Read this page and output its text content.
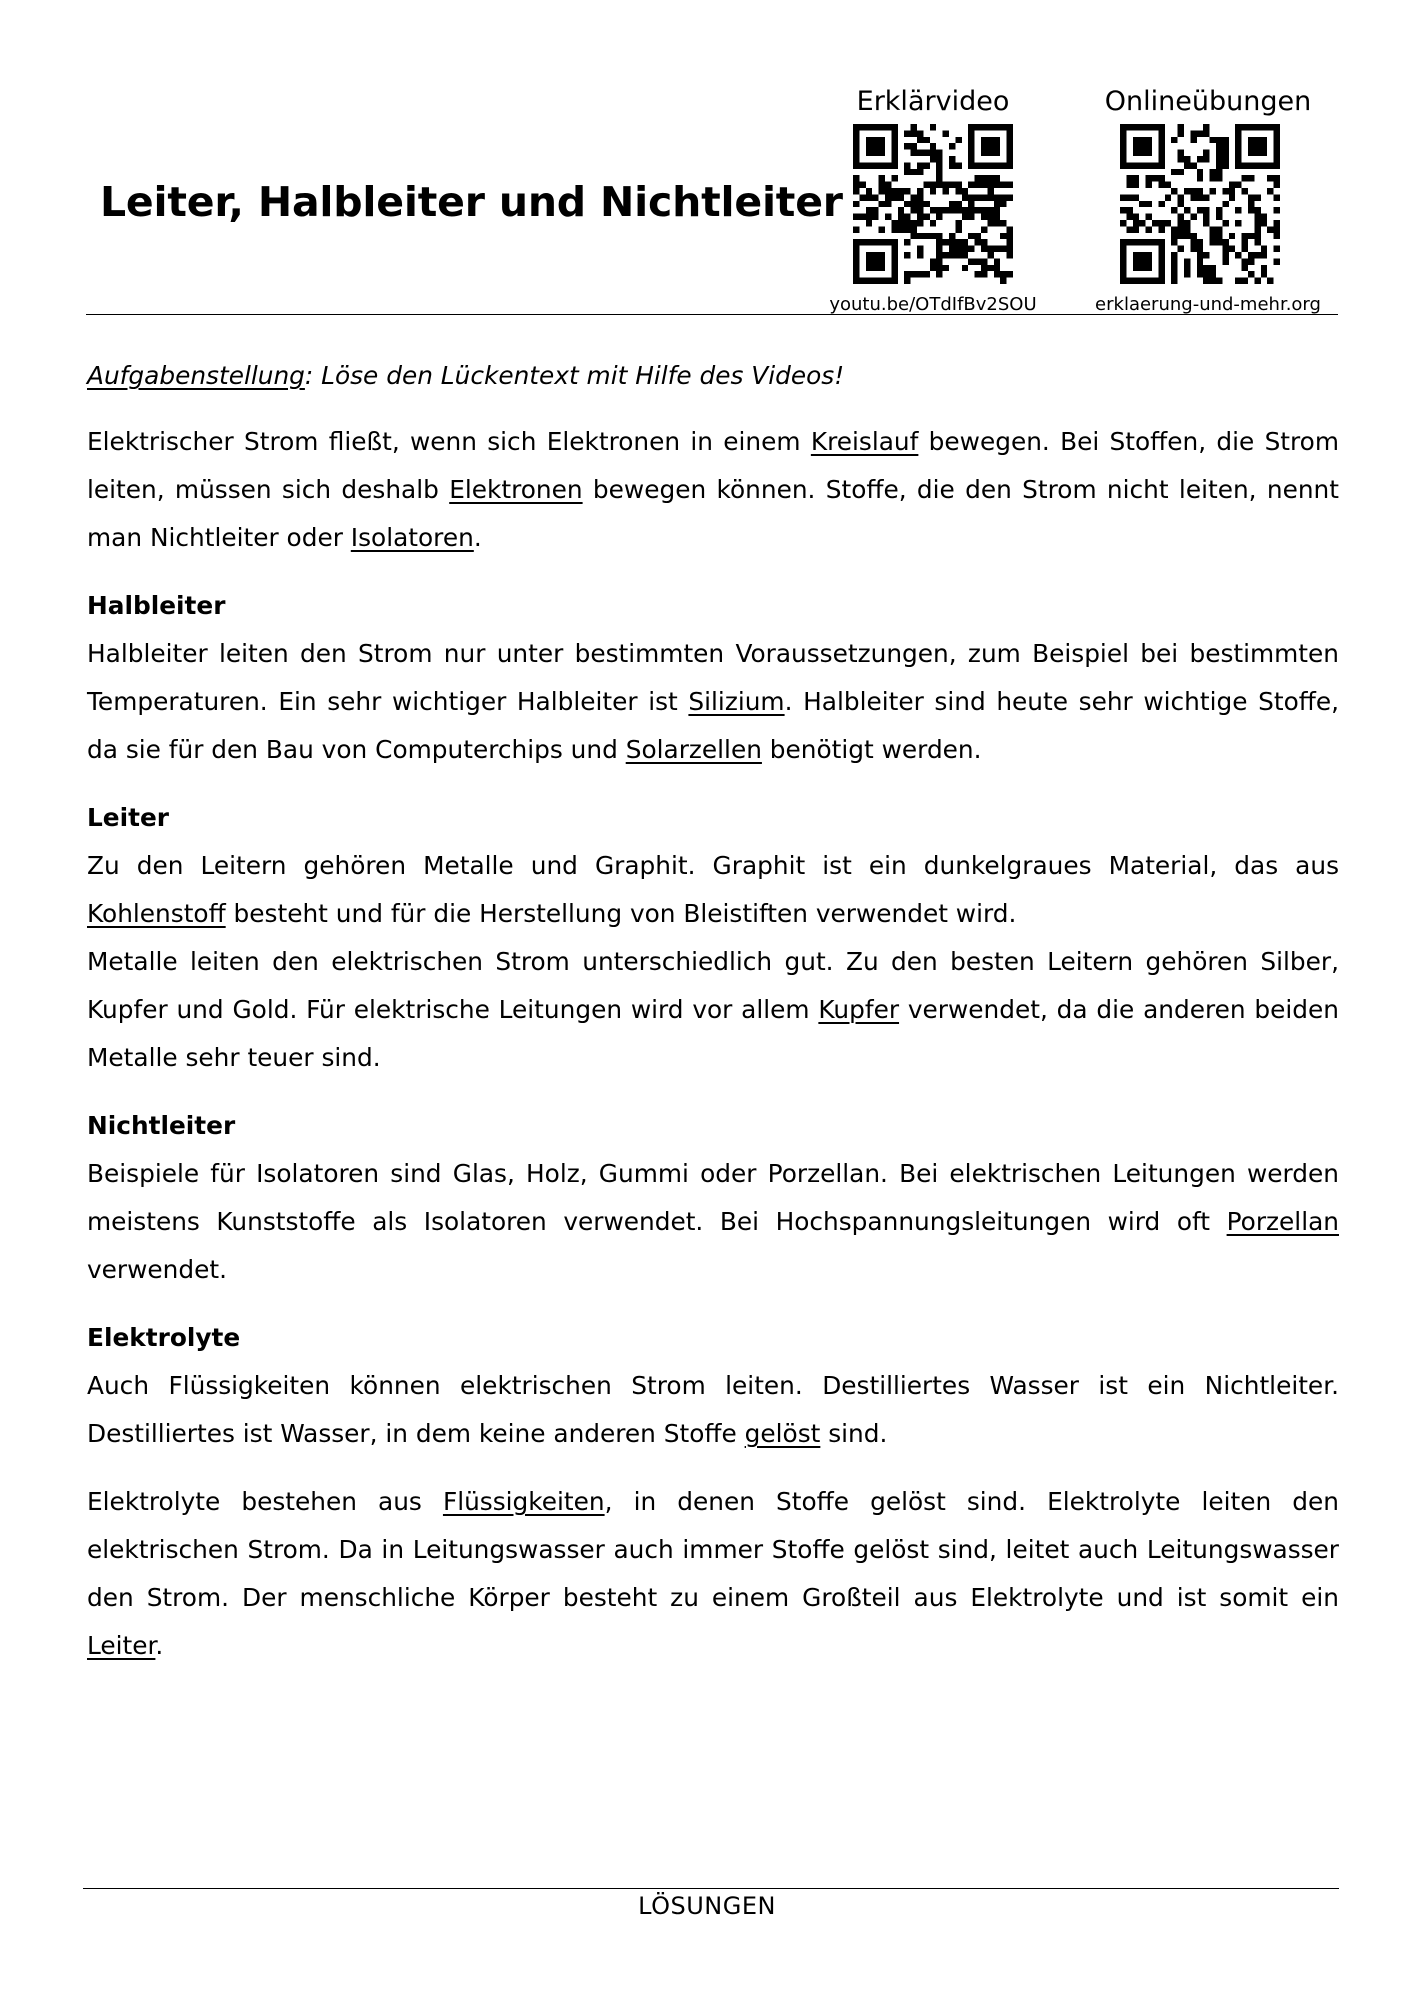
Leiter, Halbleiter und Nichtleiter
Erklärvideo	Onlineübungen
youtu.be/OTdIfBv2SOU	erklaerung-und-mehr.org

Aufgabenstellung: Löse den Lückentext mit Hilfe des Videos!

Elektrischer Strom fließt, wenn sich Elektronen in einem Kreislauf bewegen. Bei Stoffen, die Strom leiten, müssen sich deshalb Elektronen bewegen können. Stoffe, die den Strom nicht leiten, nennt man Nichtleiter oder Isolatoren.

Halbleiter

Halbleiter leiten den Strom nur unter bestimmten Voraussetzungen, zum Beispiel bei bestimmten Temperaturen. Ein sehr wichtiger Halbleiter ist Silizium. Halbleiter sind heute sehr wichtige Stoffe, da sie für den Bau von Computerchips und Solarzellen benötigt werden.

Leiter

Zu den Leitern gehören Metalle und Graphit. Graphit ist ein dunkelgraues Material, das aus Kohlenstoff besteht und für die Herstellung von Bleistiften verwendet wird.

Metalle leiten den elektrischen Strom unterschiedlich gut. Zu den besten Leitern gehören Silber, Kupfer und Gold. Für elektrische Leitungen wird vor allem Kupfer verwendet, da die anderen beiden Metalle sehr teuer sind.

Nichtleiter

Beispiele für Isolatoren sind Glas, Holz, Gummi oder Porzellan. Bei elektrischen Leitungen werden meistens Kunststoffe als Isolatoren verwendet. Bei Hochspannungsleitungen wird oft Porzellan verwendet.

Elektrolyte

Auch Flüssigkeiten können elektrischen Strom leiten. Destilliertes Wasser ist ein Nichtleiter. Destilliertes ist Wasser, in dem keine anderen Stoffe gelöst sind.

Elektrolyte bestehen aus Flüssigkeiten, in denen Stoffe gelöst sind. Elektrolyte leiten den elektrischen Strom. Da in Leitungswasser auch immer Stoffe gelöst sind, leitet auch Leitungswasser den Strom. Der menschliche Körper besteht zu einem Großteil aus Elektrolyte und ist somit ein Leiter.

LÖSUNGEN
